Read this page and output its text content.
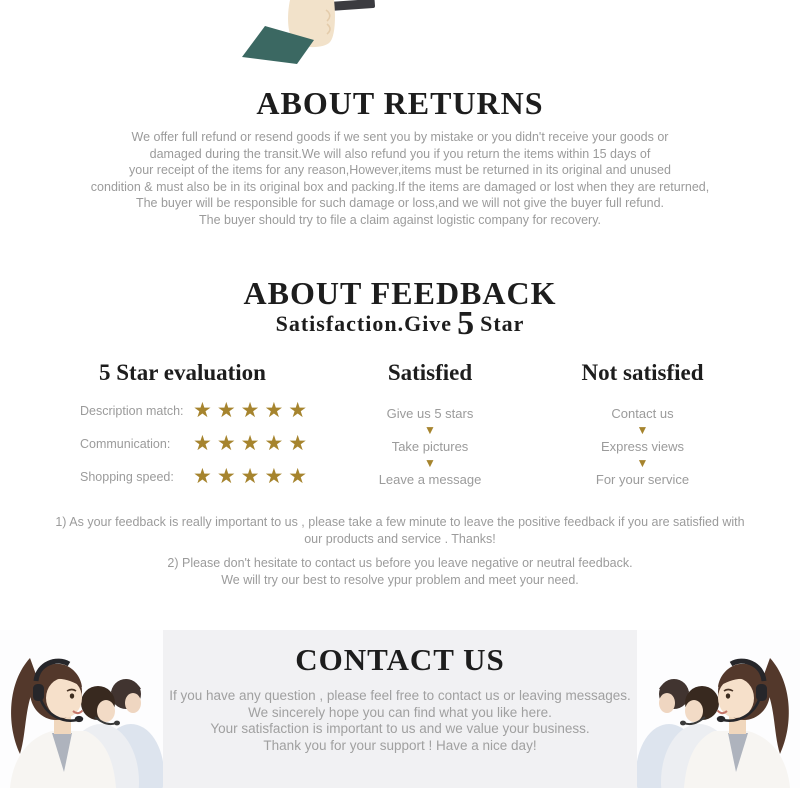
ABOUT RETURNS
We offer full refund or resend goods if we sent you by mistake or you didn't receive your goods or
damaged during the transit.We will also refund you if you return the items within 15 days of
your receipt of the items for any reason,However,items must be returned in its original and unused
condition & must also be in its original box and packing.If the items are damaged or lost when they are returned,
The buyer will be responsible for such damage or loss,and we will not give the buyer full refund.
The buyer should try to file a claim against logistic company for recovery.
ABOUT FEEDBACK
Satisfaction.Give 5 Star
5 Star evaluation
Description match: ★★★★★
Communication:	★★★★★
Shopping speed: ★★★★★
Satisfied
Give us 5 stars
▼
Take pictures
▼
Leave a message
Not satisfied
Contact us
▼
Express views
▼
For your service
1) As your feedback is really important to us , please take a few minute to leave the positive feedback if you are satisfied with
our products and service . Thanks!
2) Please don't hesitate to contact us before you leave negative or neutral feedback.
We will try our best to resolve ypur problem and meet your need.
CONTACT US
If you have any question , please feel free to contact us or leaving messages.
We sincerely hope you can find what you like here.
Your satisfaction is important to us and we value your business.
Thank you for your support ! Have a nice day!
